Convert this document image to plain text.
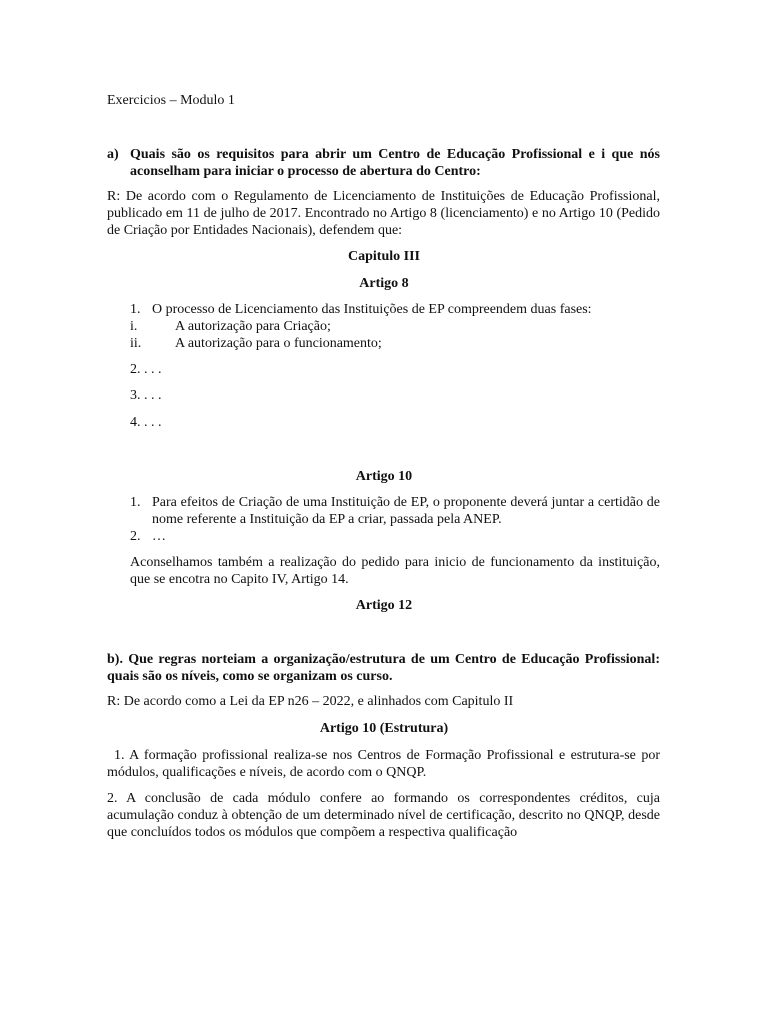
Exercicios – Modulo 1
a) Quais são os requisitos para abrir um Centro de Educação Profissional e i que nós aconselham para iniciar o processo de abertura do Centro:
R: De acordo com o Regulamento de Licenciamento de Instituições de Educação Profissional, publicado em 11 de julho de 2017. Encontrado no Artigo 8 (licenciamento) e no Artigo 10 (Pedido de Criação por Entidades Nacionais), defendem que:
Capitulo III
Artigo 8
1. O processo de Licenciamento das Instituições de EP compreendem duas fases:
i.	A autorização para Criação;
ii. A autorização para o funcionamento;
2. . . .
3. . . .
4. . . .
Artigo 10
1. Para efeitos de Criação de uma Instituição de EP, o proponente deverá juntar a certidão de nome referente a Instituição da EP a criar, passada pela ANEP.
2. …
Aconselhamos também a realização do pedido para inicio de funcionamento da instituição, que se encotra no Capito IV, Artigo 14.
Artigo 12
b). Que regras norteiam a organização/estrutura de um Centro de Educação Profissional: quais são os níveis, como se organizam os curso.
R: De acordo como a Lei da EP n26 – 2022, e alinhados com Capitulo II
Artigo 10 (Estrutura)
1. A formação profissional realiza-se nos Centros de Formação Profissional e estrutura-se por módulos, qualificações e níveis, de acordo com o QNQP.
2. A conclusão de cada módulo confere ao formando os correspondentes créditos, cuja acumulação conduz à obtenção de um determinado nível de certificação, descrito no QNQP, desde que concluídos todos os módulos que compõem a respectiva qualificação
